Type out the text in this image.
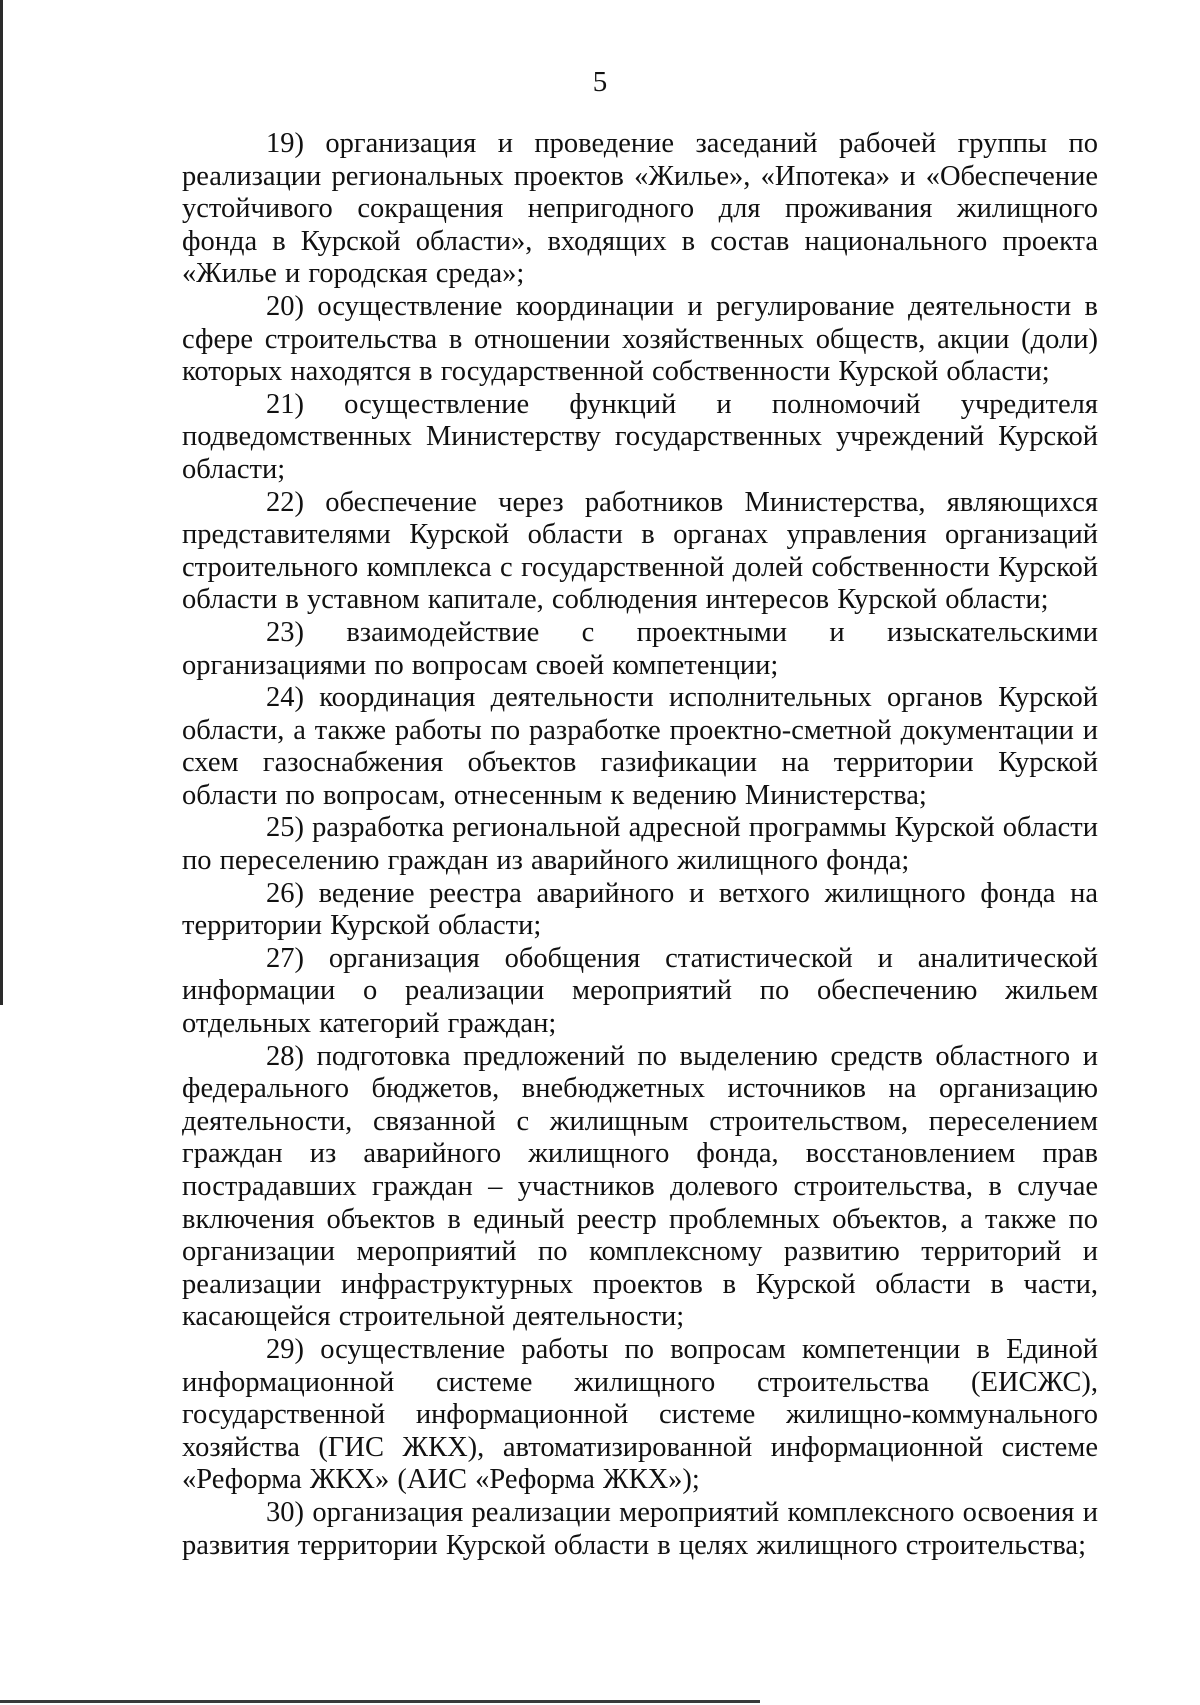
5

19) организация и проведение заседаний рабочей группы по реализации региональных проектов «Жилье», «Ипотека» и «Обеспечение устойчивого сокращения непригодного для проживания жилищного фонда в Курской области», входящих в состав национального проекта «Жилье и городская среда»;

20) осуществление координации и регулирование деятельности в сфере строительства в отношении хозяйственных обществ, акции (доли) которых находятся в государственной собственности Курской области;

21) осуществление функций и полномочий учредителя подведомственных Министерству государственных учреждений Курской области;

22) обеспечение через работников Министерства, являющихся представителями Курской области в органах управления организаций строительного комплекса с государственной долей собственности Курской области в уставном капитале, соблюдения интересов Курской области;

23) взаимодействие с проектными и изыскательскими организациями по вопросам своей компетенции;

24) координация деятельности исполнительных органов Курской области, а также работы по разработке проектно-сметной документации и схем газоснабжения объектов газификации на территории Курской области по вопросам, отнесенным к ведению Министерства;

25) разработка региональной адресной программы Курской области по переселению граждан из аварийного жилищного фонда;

26) ведение реестра аварийного и ветхого жилищного фонда на территории Курской области;

27) организация обобщения статистической и аналитической информации о реализации мероприятий по обеспечению жильем отдельных категорий граждан;

28) подготовка предложений по выделению средств областного и федерального бюджетов, внебюджетных источников на организацию деятельности, связанной с жилищным строительством, переселением граждан из аварийного жилищного фонда, восстановлением прав пострадавших граждан – участников долевого строительства, в случае включения объектов в единый реестр проблемных объектов, а также по организации мероприятий по комплексному развитию территорий и реализации инфраструктурных проектов в Курской области в части, касающейся строительной деятельности;

29) осуществление работы по вопросам компетенции в Единой информационной системе жилищного строительства (ЕИСЖС), государственной информационной системе жилищно-коммунального хозяйства (ГИС ЖКХ), автоматизированной информационной системе «Реформа ЖКХ» (АИС «Реформа ЖКХ»);

30) организация реализации мероприятий комплексного освоения и развития территории Курской области в целях жилищного строительства;
